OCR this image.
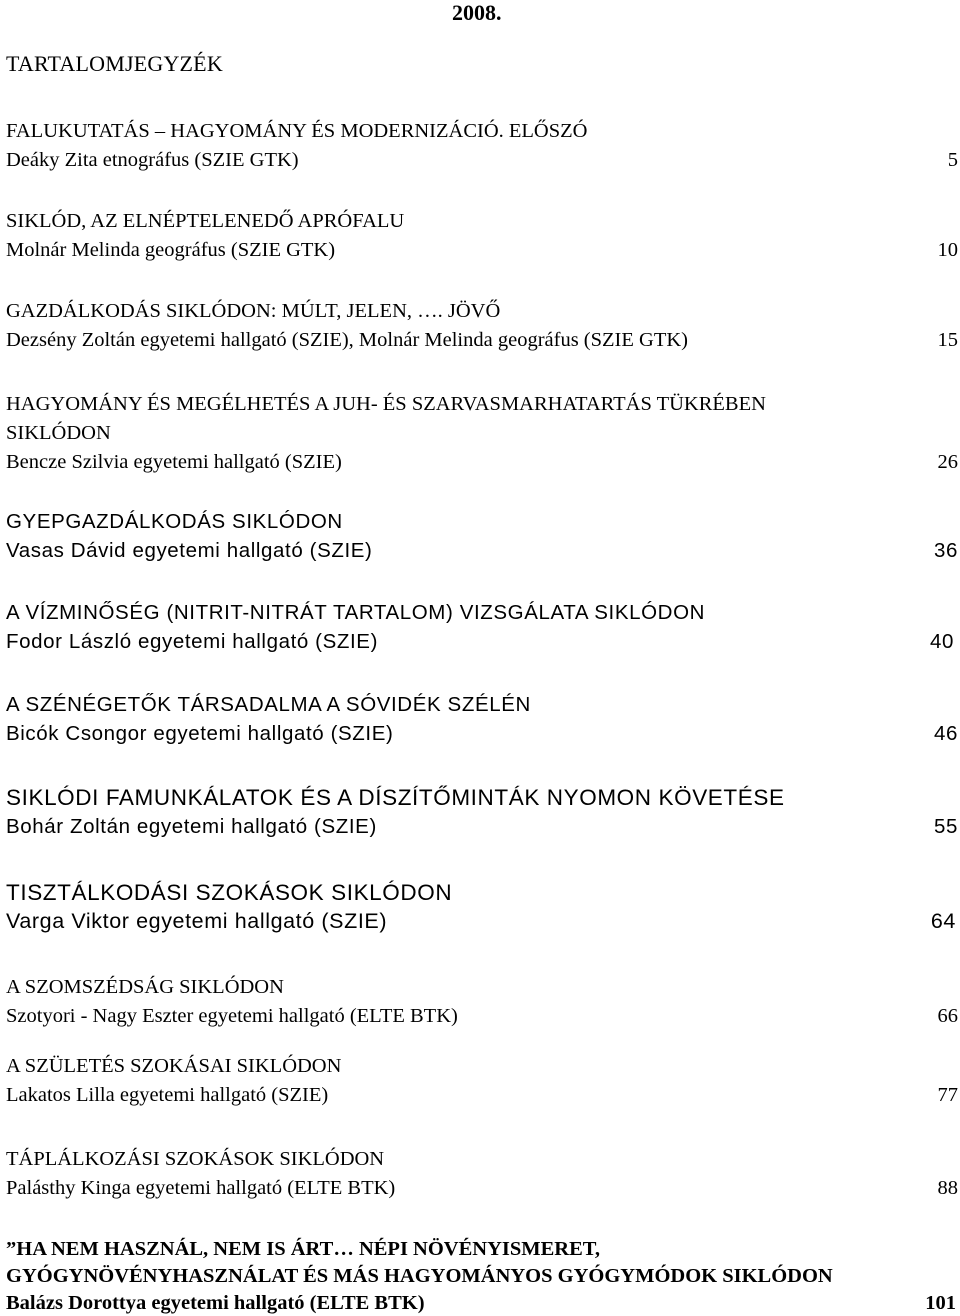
2008.
TARTALOMJEGYZÉK
FALUKUTATÁS – HAGYOMÁNY ÉS MODERNIZÁCIÓ. ELŐSZÓ
Deáky Zita etnográfus (SZIE GTK)	5
SIKLÓD, AZ ELNÉPTELENEDŐ APRÓFALU
Molnár Melinda geográfus (SZIE GTK)	10
GAZDÁLKODÁS SIKLÓDON: MÚLT, JELEN, …. JÖVŐ
Dezsény Zoltán egyetemi hallgató (SZIE), Molnár Melinda geográfus (SZIE GTK)	15
HAGYOMÁNY ÉS MEGÉLHETÉS A JUH- ÉS SZARVASMARHATARTÁS TÜKRÉBEN
SIKLÓDON
Bencze Szilvia egyetemi hallgató (SZIE)	26
GYEPGAZDÁLKODÁS SIKLÓDON
Vasas Dávid egyetemi hallgató (SZIE)	36
A VÍZMINŐSÉG (NITRIT-NITRÁT TARTALOM) VIZSGÁLATA SIKLÓDON
Fodor László egyetemi hallgató (SZIE)	40
A SZÉNÉGETŐK TÁRSADALMA A SÓVIDÉK SZÉLÉN
Bicók Csongor egyetemi hallgató (SZIE)	46
SIKLÓDI FAMUNKÁLATOK ÉS A DÍSZÍTŐMINTÁK NYOMON KÖVETÉSE
Bohár Zoltán egyetemi hallgató (SZIE)	55
TISZTÁLKODÁSI SZOKÁSOK SIKLÓDON
Varga Viktor egyetemi hallgató (SZIE)	64
A SZOMSZÉDSÁG SIKLÓDON
Szotyori - Nagy Eszter egyetemi hallgató (ELTE BTK)	66
A SZÜLETÉS SZOKÁSAI SIKLÓDON
Lakatos Lilla egyetemi hallgató (SZIE)	77
TÁPLÁLKOZÁSI SZOKÁSOK SIKLÓDON
Palásthy Kinga egyetemi hallgató (ELTE BTK)	88
”HA NEM HASZNÁL, NEM IS ÁRT… NÉPI NÖVÉNYISMERET,
GYÓGYNÖVÉNYHASZNÁLAT ÉS MÁS HAGYOMÁNYOS GYÓGYMÓDOK SIKLÓDON
Balázs Dorottya egyetemi hallgató (ELTE BTK)	101
